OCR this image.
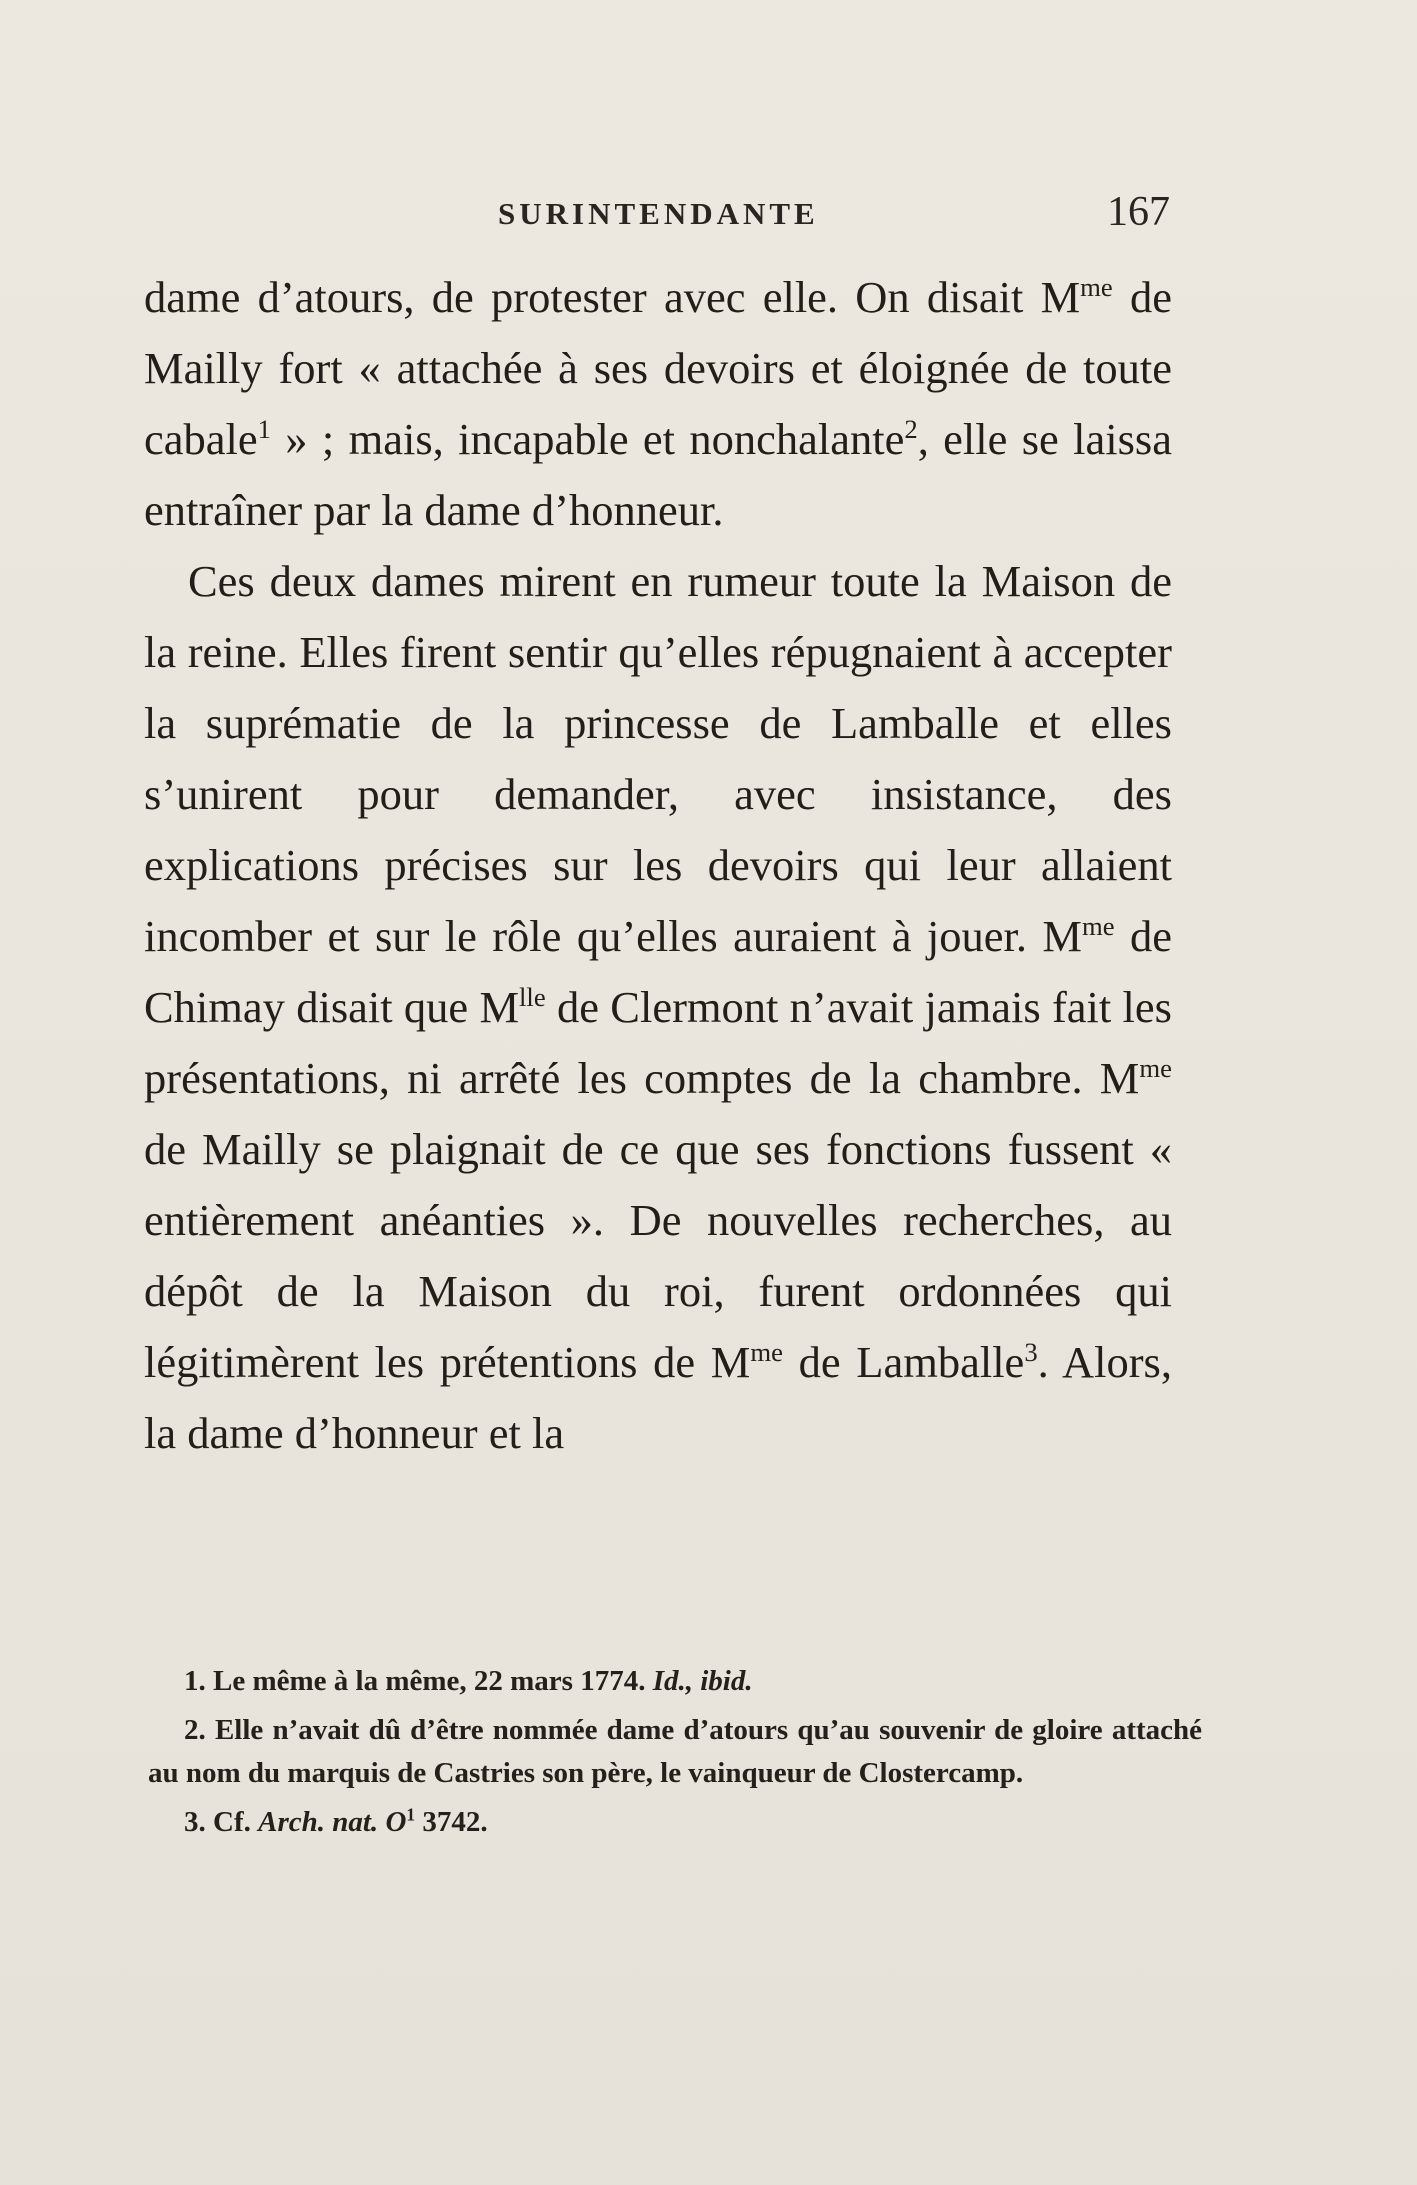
SURINTENDANTE	167

dame d’atours, de protester avec elle. On disait $M^{me}$ de Mailly fort « attachée à ses devoirs et éloignée de toute cabale$^1$ » ; mais, incapable et nonchalante$^2$, elle se laissa entraîner par la dame d’honneur.

Ces deux dames mirent en rumeur toute la Maison de la reine. Elles firent sentir qu’elles répugnaient à accepter la suprématie de la princesse de Lamballe et elles s’unirent pour demander, avec insistance, des explications précises sur les devoirs qui leur allaient incomber et sur le rôle qu’elles auraient à jouer. $M^{me}$ de Chimay disait que $M^{lle}$ de Clermont n’avait jamais fait les présentations, ni arrêté les comptes de la chambre. $M^{me}$ de Mailly se plaignait de ce que ses fonctions fussent « entièrement anéanties ». De nouvelles recherches, au dépôt de la Maison du roi, furent ordonnées qui légitimèrent les prétentions de $M^{me}$ de Lamballe$^3$. Alors, la dame d’honneur et la

1. Le même à la même, 22 mars 1774. Id., ibid.

2. Elle n’avait dû d’être nommée dame d’atours qu’au souvenir de gloire attaché au nom du marquis de Castries son père, le vainqueur de Clostercamp.

3. Cf. Arch. nat. $O^1$ 3742.
